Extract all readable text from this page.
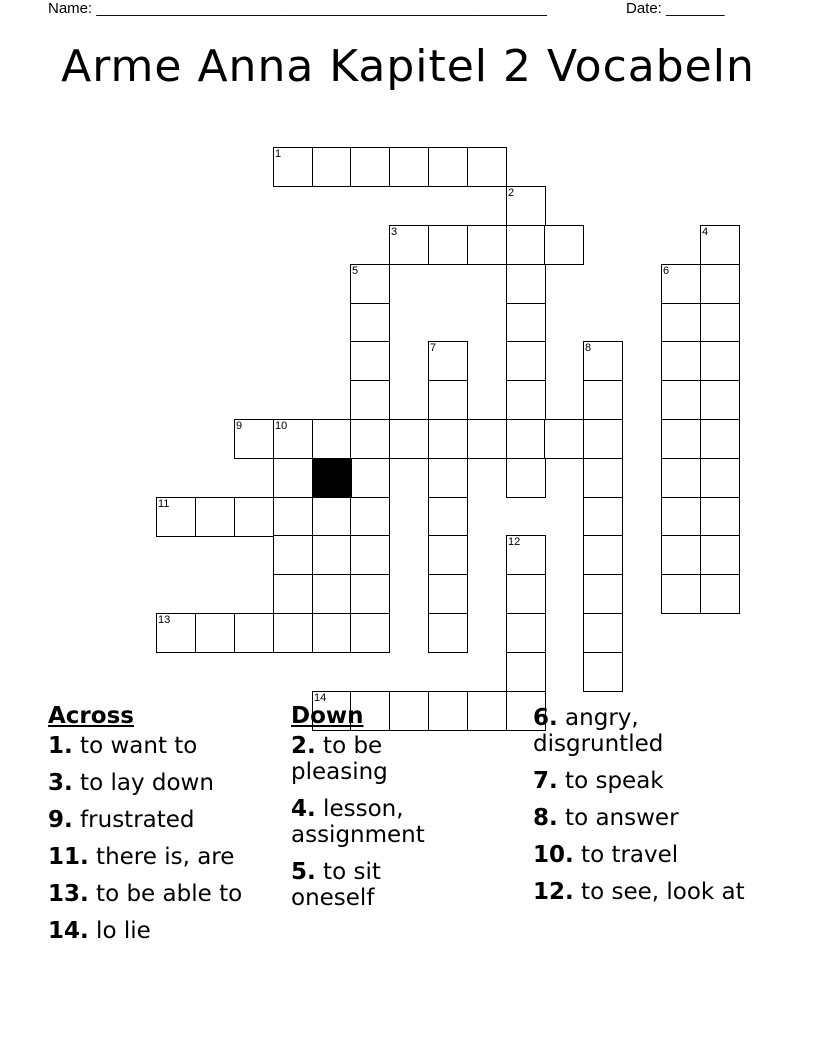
Name: ______________________________________________________	Date: _______
Arme Anna Kapitel 2 Vocabeln
1
2
3	4
5	6
7	8
9	10
11
12
13
14
Across
1. to want to
3. to lay down
9. frustrated
11. there is, are
13. to be able to
14. lo lie
Down
2. to be pleasing
4. lesson, assignment
5. to sit oneself
6. angry, disgruntled
7. to speak
8. to answer
10. to travel
12. to see, look at
